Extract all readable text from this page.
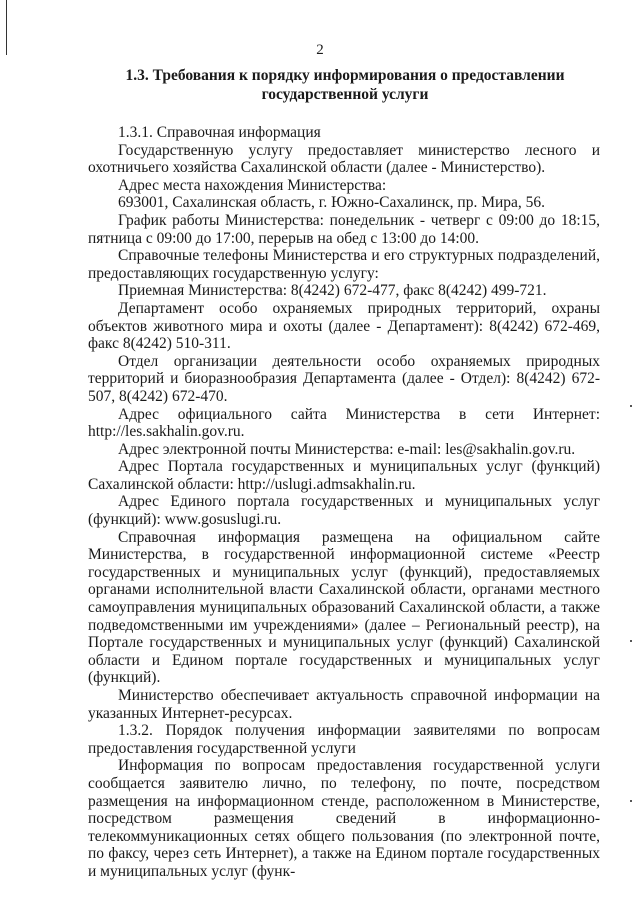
2
1.3. Требования к порядку информирования о предоставлении государственной услуги

1.3.1. Справочная информация

Государственную услугу предоставляет министерство лесного и охотничьего хозяйства Сахалинской области (далее - Министерство).

Адрес места нахождения Министерства:

693001, Сахалинская область, г. Южно-Сахалинск, пр. Мира, 56.

График работы Министерства: понедельник - четверг с 09:00 до 18:15, пятница с 09:00 до 17:00, перерыв на обед с 13:00 до 14:00.

Справочные телефоны Министерства и его структурных подразделений, предоставляющих государственную услугу:

Приемная Министерства: 8(4242) 672-477, факс 8(4242) 499-721.

Департамент особо охраняемых природных территорий, охраны объектов животного мира и охоты (далее - Департамент): 8(4242) 672-469, факс 8(4242) 510-311.

Отдел организации деятельности особо охраняемых природных территорий и биоразнообразия Департамента (далее - Отдел): 8(4242) 672-507, 8(4242) 672-470.

Адрес официального сайта Министерства в сети Интернет: http://les.sakhalin.gov.ru.

Адрес электронной почты Министерства: e-mail: les@sakhalin.gov.ru.

Адрес Портала государственных и муниципальных услуг (функций) Сахалинской области: http://uslugi.admsakhalin.ru.

Адрес Единого портала государственных и муниципальных услуг (функций): www.gosuslugi.ru.

Справочная информация размещена на официальном сайте Министерства, в государственной информационной системе «Реестр государственных и муниципальных услуг (функций), предоставляемых органами исполнительной власти Сахалинской области, органами местного самоуправления муниципальных образований Сахалинской области, а также подведомственными им учреждениями» (далее – Региональный реестр), на Портале государственных и муниципальных услуг (функций) Сахалинской области и Едином портале государственных и муниципальных услуг (функций).

Министерство обеспечивает актуальность справочной информации на указанных Интернет-ресурсах.

1.3.2. Порядок получения информации заявителями по вопросам предоставления государственной услуги

Информация по вопросам предоставления государственной услуги сообщается заявителю лично, по телефону, по почте, посредством размещения на информационном стенде, расположенном в Министерстве, посредством размещения сведений в информационно-телекоммуникационных сетях общего пользования (по электронной почте, по факсу, через сеть Интернет), а также на Едином портале государственных и муниципальных услуг (функ-
